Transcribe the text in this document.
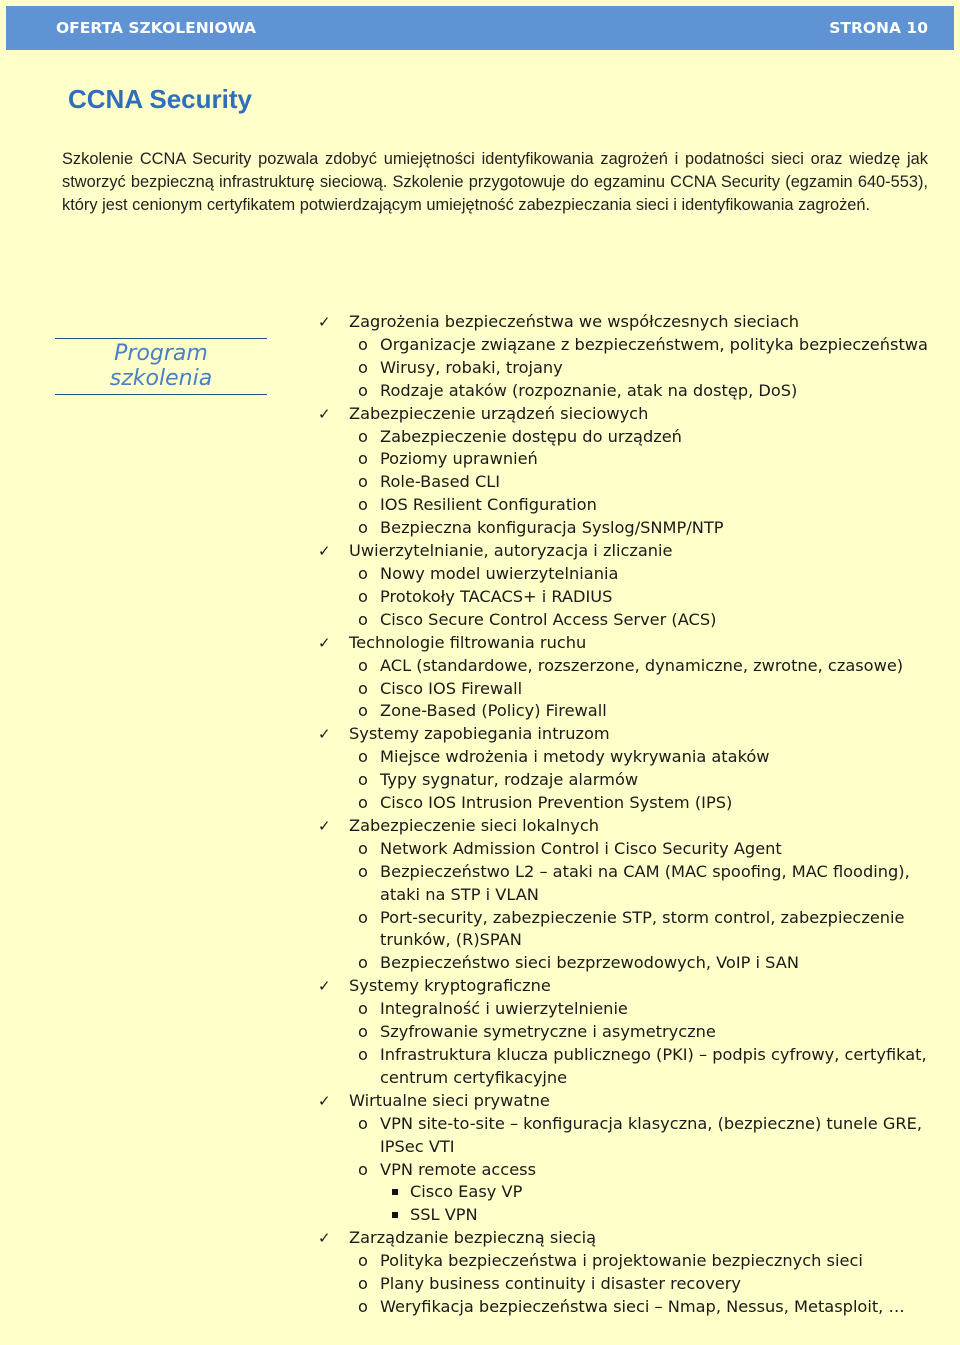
OFERTA SZKOLENIOWA	STRONA 10
CCNA Security

Szkolenie CCNA Security pozwala zdobyć umiejętności identyfikowania zagrożeń i podatności sieci oraz wiedzę jak stworzyć bezpieczną infrastrukturę sieciową. Szkolenie przygotowuje do egzaminu CCNA Security (egzamin 640-553), który jest cenionym certyfikatem potwierdzającym umiejętność zabezpieczania sieci i identyfikowania zagrożeń.

Program
szkolenia
✓ Zagrożenia bezpieczeństwa we współczesnych sieciach
o Organizacje związane z bezpieczeństwem, polityka bezpieczeństwa
o Wirusy, robaki, trojany
o Rodzaje ataków (rozpoznanie, atak na dostęp, DoS)
✓ Zabezpieczenie urządzeń sieciowych
o Zabezpieczenie dostępu do urządzeń
o Poziomy uprawnień
o Role-Based CLI
o IOS Resilient Configuration
o Bezpieczna konfiguracja Syslog/SNMP/NTP
✓ Uwierzytelnianie, autoryzacja i zliczanie
o Nowy model uwierzytelniania
o Protokoły TACACS+ i RADIUS
o Cisco Secure Control Access Server (ACS)
✓ Technologie filtrowania ruchu
o ACL (standardowe, rozszerzone, dynamiczne, zwrotne, czasowe)
o Cisco IOS Firewall
o Zone-Based (Policy) Firewall
✓ Systemy zapobiegania intruzom
o Miejsce wdrożenia i metody wykrywania ataków
o Typy sygnatur, rodzaje alarmów
o Cisco IOS Intrusion Prevention System (IPS)
✓ Zabezpieczenie sieci lokalnych
o Network Admission Control i Cisco Security Agent
o Bezpieczeństwo L2 – ataki na CAM (MAC spoofing, MAC flooding), ataki na STP i VLAN
o Port-security, zabezpieczenie STP, storm control, zabezpieczenie trunków, (R)SPAN
o Bezpieczeństwo sieci bezprzewodowych, VoIP i SAN
✓ Systemy kryptograficzne
o Integralność i uwierzytelnienie
o Szyfrowanie symetryczne i asymetryczne
o Infrastruktura klucza publicznego (PKI) – podpis cyfrowy, certyfikat, centrum certyfikacyjne
✓ Wirtualne sieci prywatne
o VPN site-to-site – konfiguracja klasyczna, (bezpieczne) tunele GRE, IPSec VTI
o VPN remote access
Cisco Easy VP
SSL VPN
✓ Zarządzanie bezpieczną siecią
o Polityka bezpieczeństwa i projektowanie bezpiecznych sieci
o Plany business continuity i disaster recovery
o Weryfikacja bezpieczeństwa sieci – Nmap, Nessus, Metasploit, …
